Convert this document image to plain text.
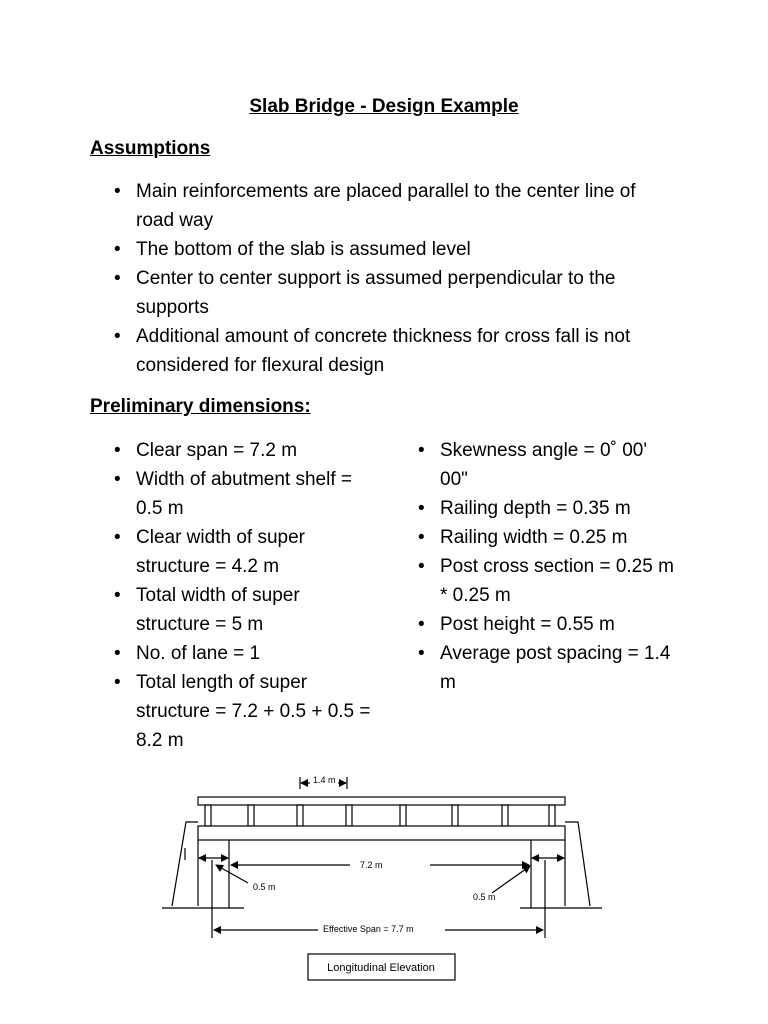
Slab Bridge - Design Example
Assumptions
• Main reinforcements are placed parallel to the center line of road way
• The bottom of the slab is assumed level
• Center to center support is assumed perpendicular to the supports
• Additional amount of concrete thickness for cross fall is not considered for flexural design
Preliminary dimensions:
• Clear span = 7.2 m
• Width of abutment shelf = 0.5 m
• Clear width of super structure = 4.2 m
• Total width of super structure = 5 m
• No. of lane = 1
• Total length of super structure = 7.2 + 0.5 + 0.5 = 8.2 m
• Skewness angle = 0˚ 00' 00"
• Railing depth = 0.35 m
• Railing width = 0.25 m
• Post cross section = 0.25 m * 0.25 m
• Post height = 0.55 m
• Average post spacing = 1.4 m
1.4 m
7.2 m
0.5 m
0.5 m
Effective Span = 7.7 m
Longitudinal Elevation
